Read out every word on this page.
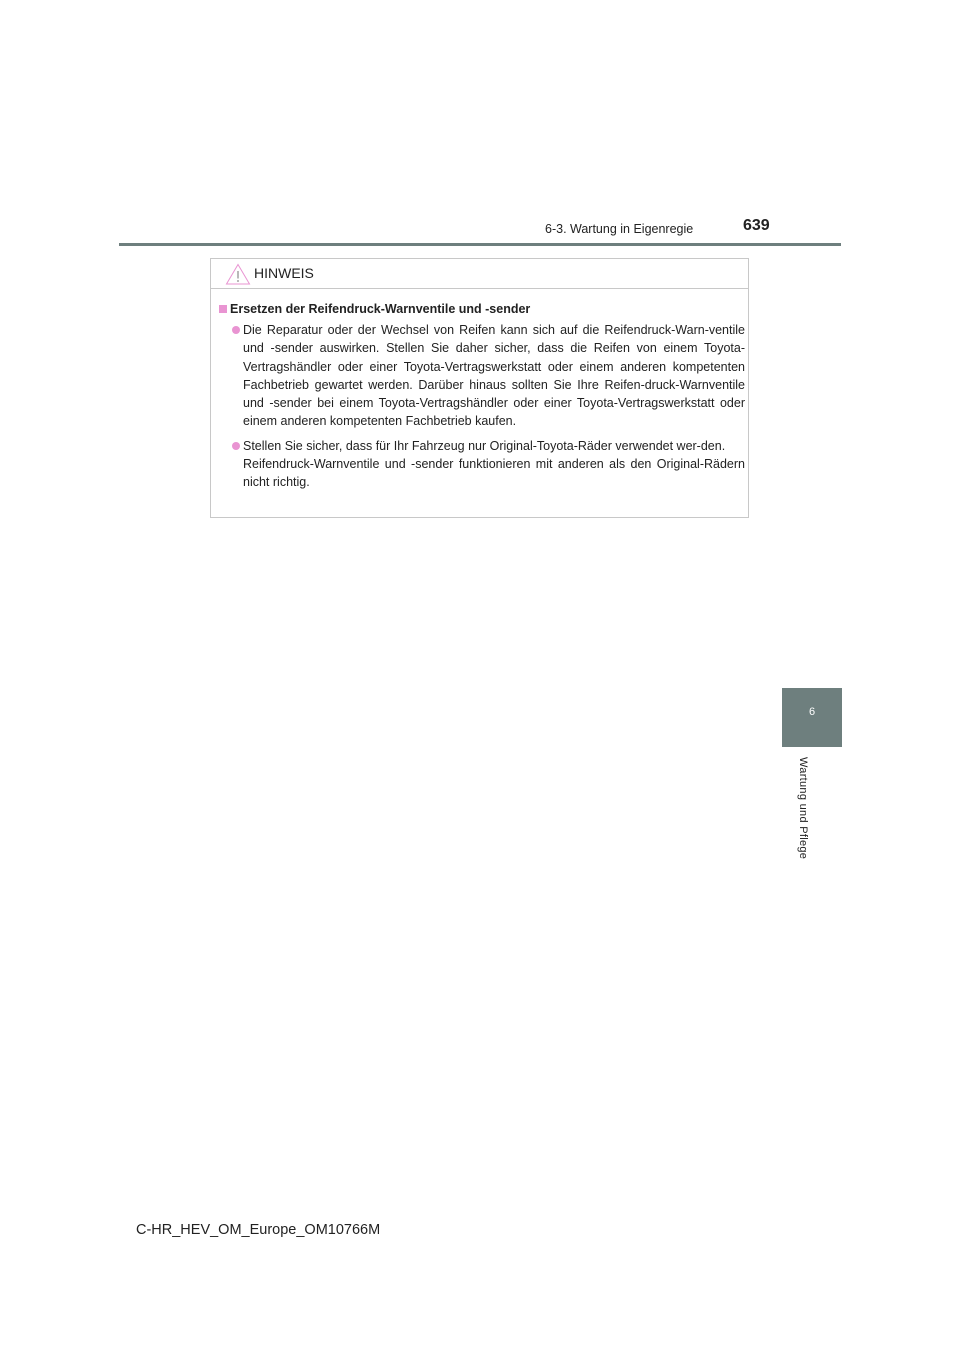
6-3. Wartung in Eigenregie	639
6
Wartung und Pflege
HINWEIS
Ersetzen der Reifendruck-Warnventile und -sender

Die Reparatur oder der Wechsel von Reifen kann sich auf die Reifendruck-Warn-ventile und -sender auswirken. Stellen Sie daher sicher, dass die Reifen von einem Toyota-Vertragshändler oder einer Toyota-Vertragswerkstatt oder einem anderen kompetenten Fachbetrieb gewartet werden. Darüber hinaus sollten Sie Ihre Reifen-druck-Warnventile und -sender bei einem Toyota-Vertragshändler oder einer Toyota-Vertragswerkstatt oder einem anderen kompetenten Fachbetrieb kaufen.

Stellen Sie sicher, dass für Ihr Fahrzeug nur Original-Toyota-Räder verwendet wer-den.

Reifendruck-Warnventile und -sender funktionieren mit anderen als den Original-Rädern nicht richtig.

C-HR_HEV_OM_Europe_OM10766M
